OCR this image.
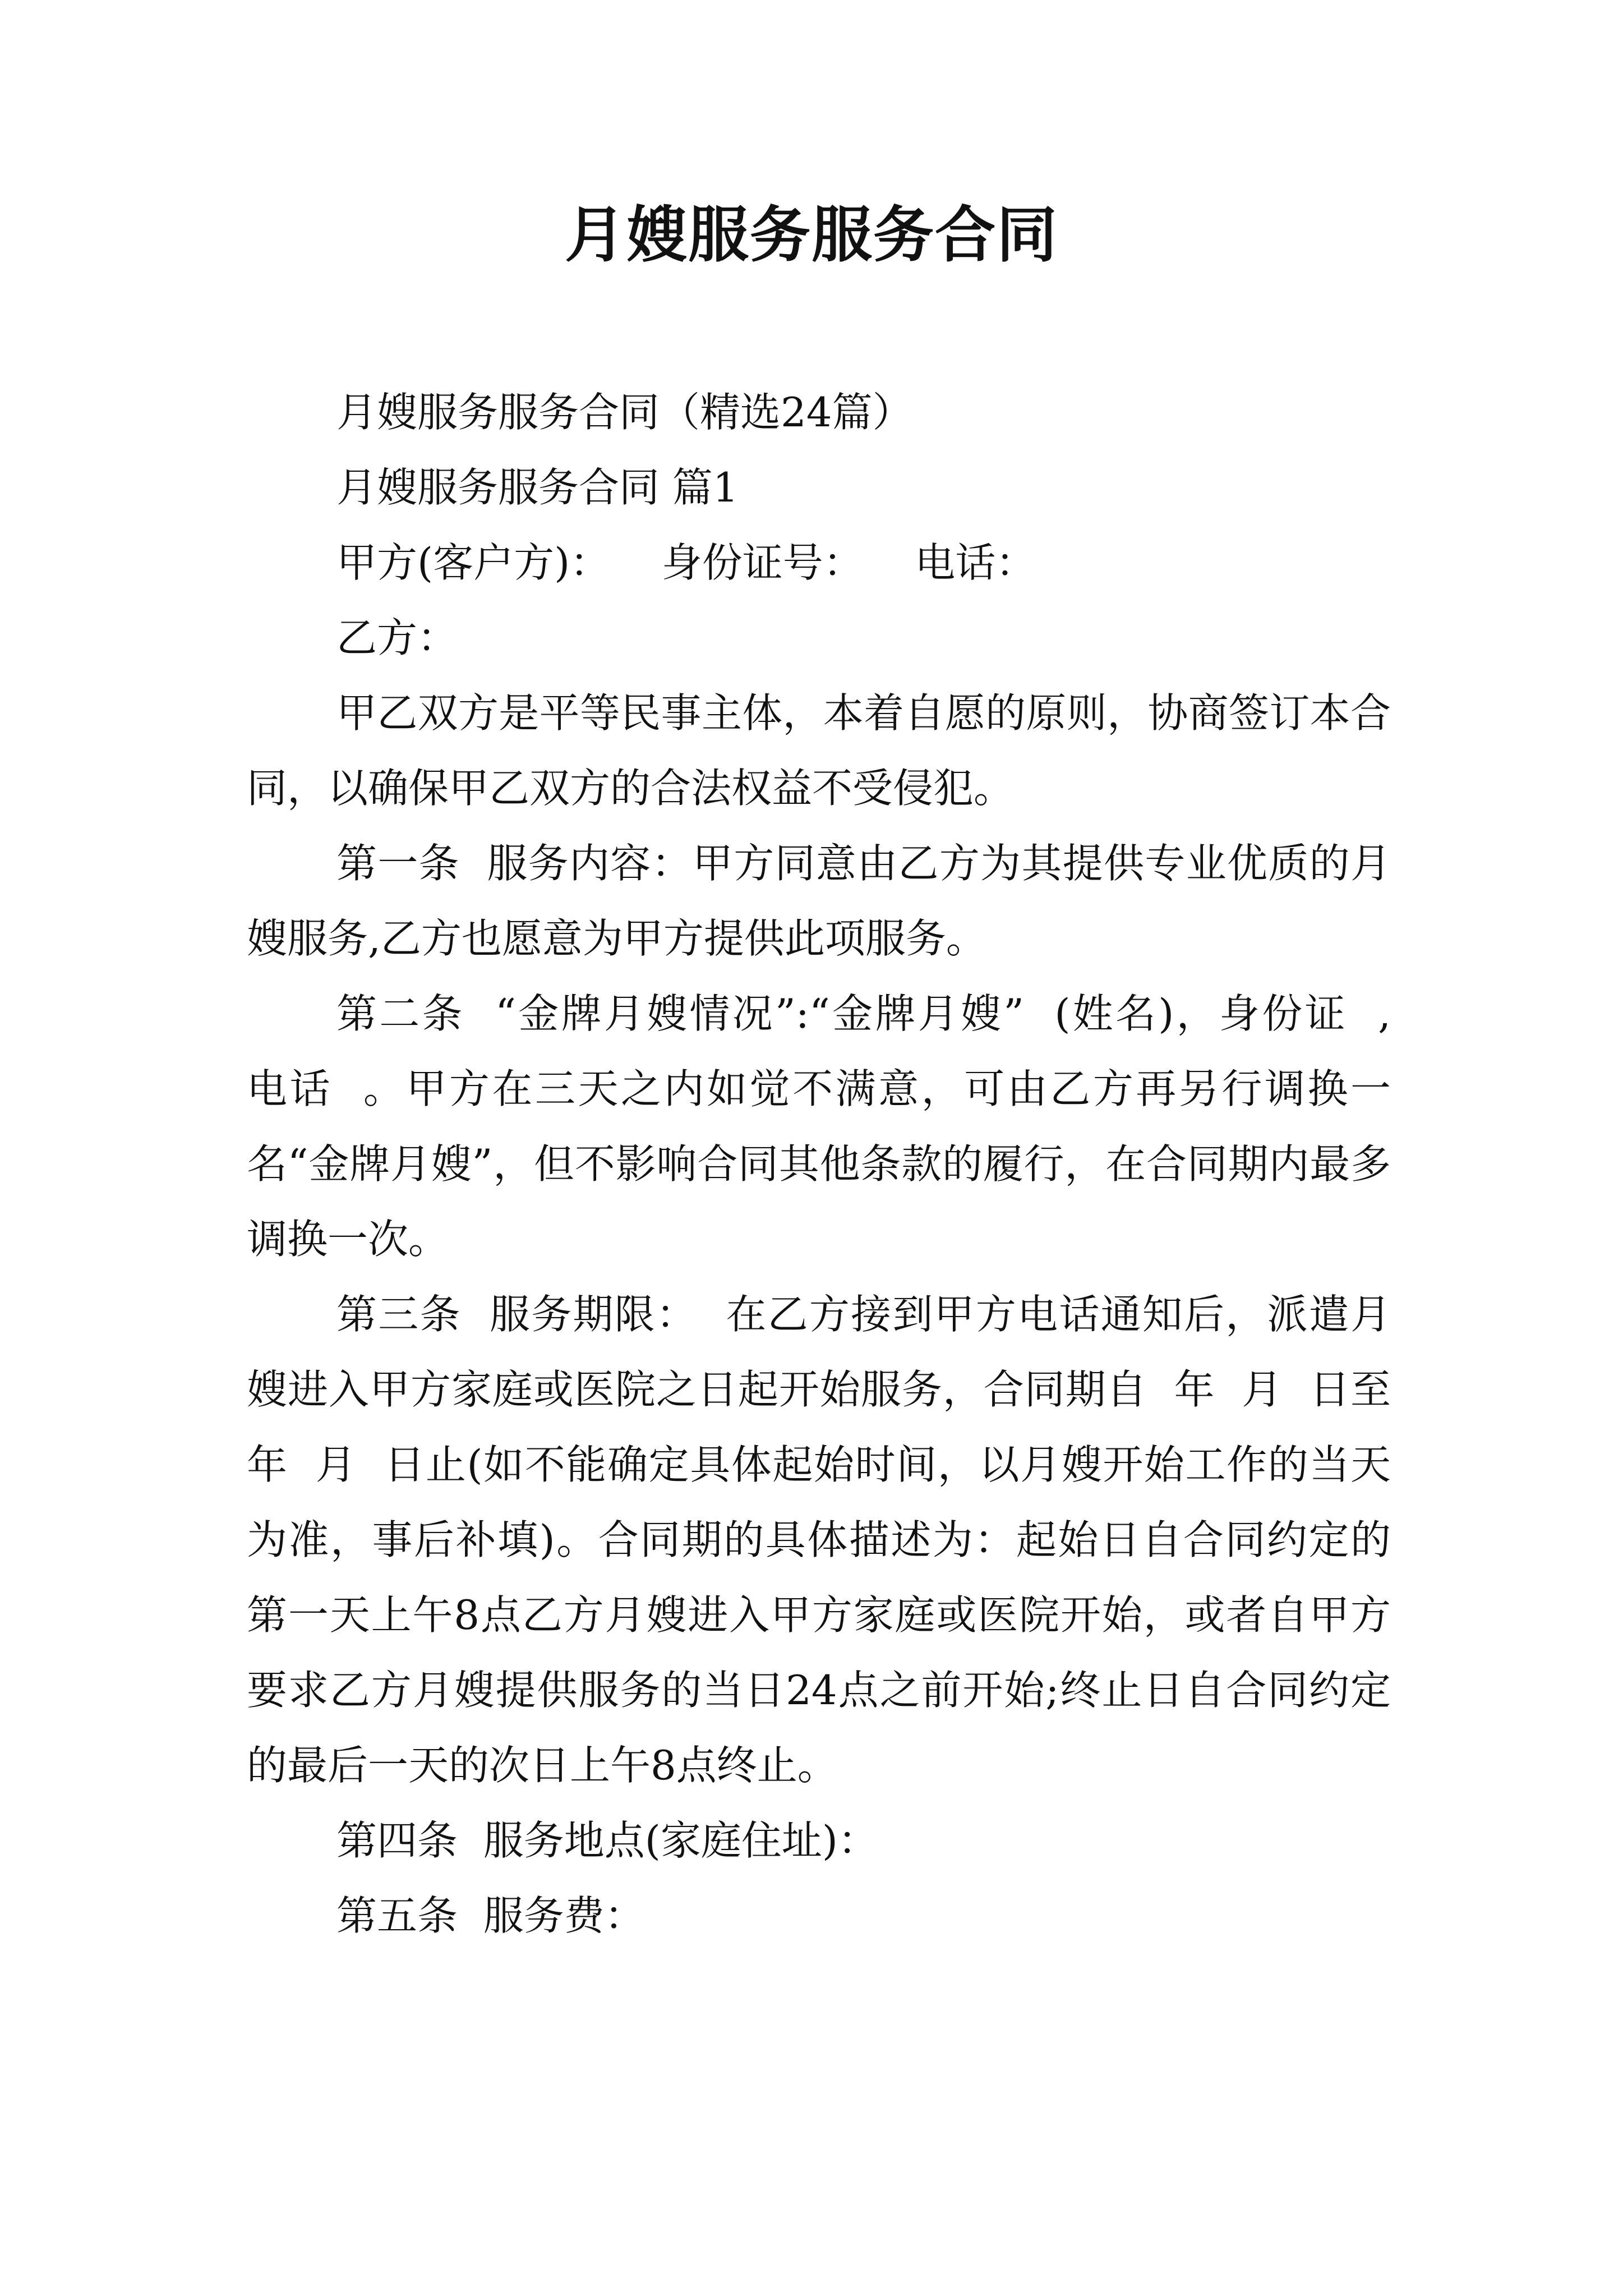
月嫂服务服务合同

月嫂服务服务合同（精选24篇）

月嫂服务服务合同 篇1

甲方(客户方)：    身份证号：    电话：

乙方：

甲乙双方是平等民事主体，本着自愿的原则，协商签订本合同，以确保甲乙双方的合法权益不受侵犯。

第一条  服务内容：甲方同意由乙方为其提供专业优质的月嫂服务,乙方也愿意为甲方提供此项服务。

第二条  “金牌月嫂情况”:“金牌月嫂”  (姓名)，身份证  ,   电话  。甲方在三天之内如觉不满意，可由乙方再另行调换一名“金牌月嫂”，但不影响合同其他条款的履行，在合同期内最多调换一次。

第三条  服务期限：  在乙方接到甲方电话通知后，派遣月嫂进入甲方家庭或医院之日起开始服务，合同期自  年  月  日至  年  月  日止(如不能确定具体起始时间，以月嫂开始工作的当天为准，事后补填)。合同期的具体描述为：起始日自合同约定的第一天上午8点乙方月嫂进入甲方家庭或医院开始，或者自甲方要求乙方月嫂提供服务的当日24点之前开始;终止日自合同约定的最后一天的次日上午8点终止。

第四条  服务地点(家庭住址)：

第五条  服务费：
